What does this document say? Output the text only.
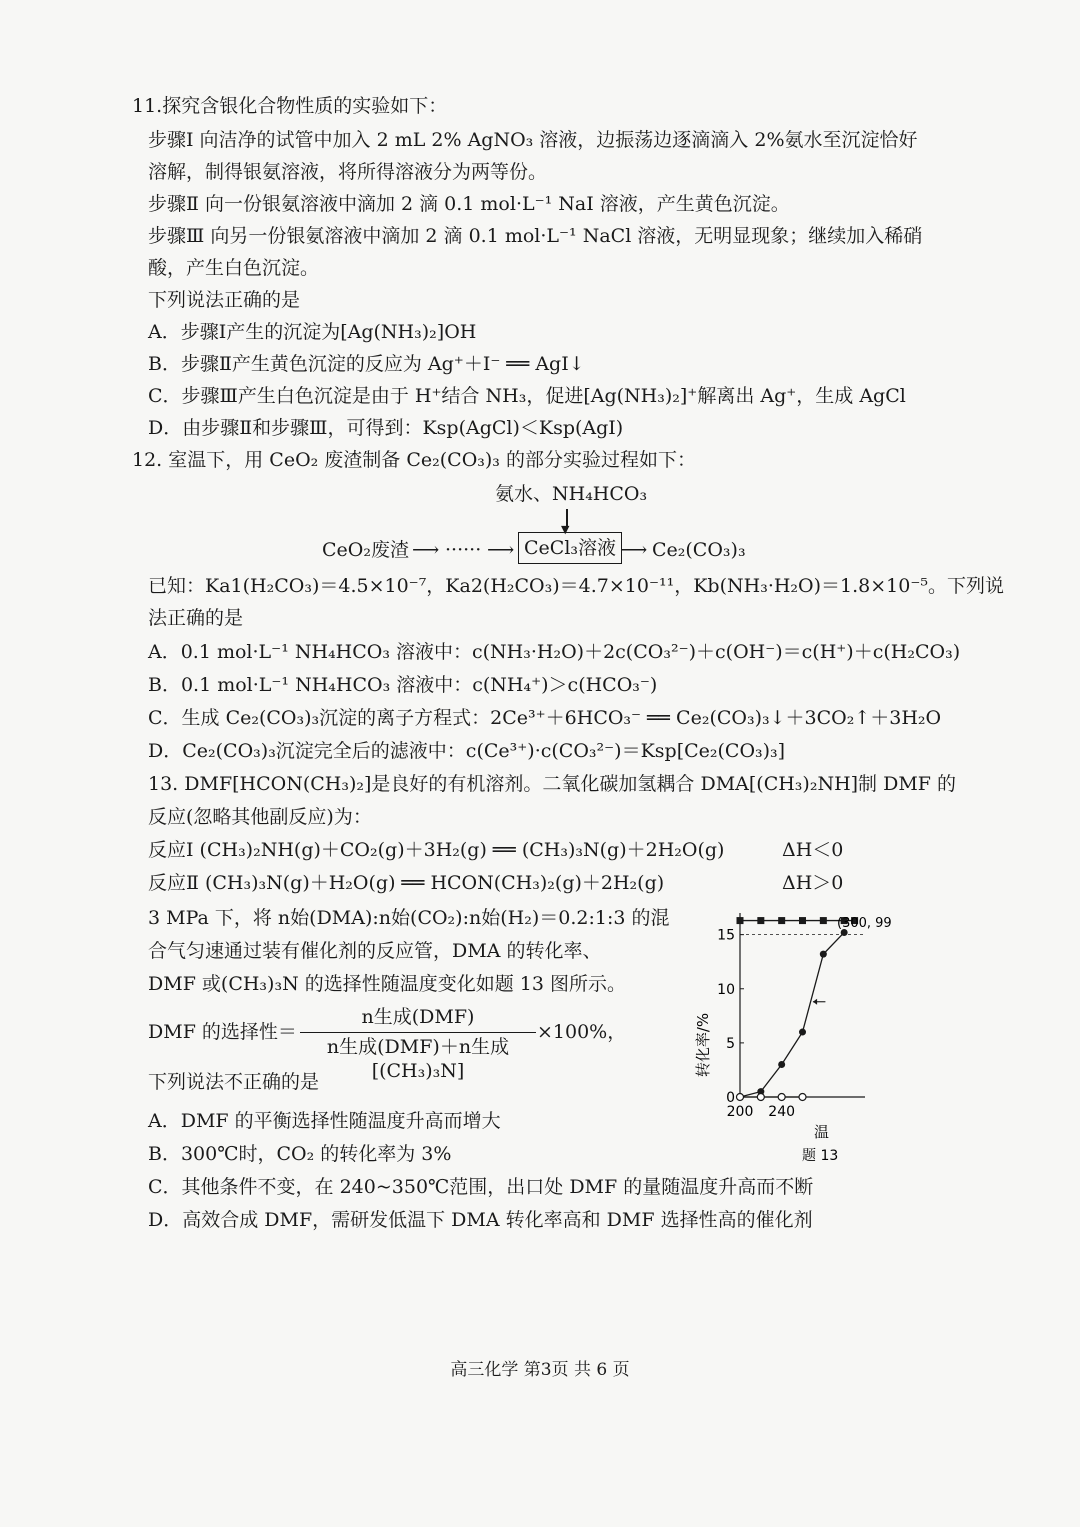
11.探究含银化合物性质的实验如下：
步骤Ⅰ 向洁净的试管中加入 2 mL 2% AgNO₃ 溶液，边振荡边逐滴滴入 2%氨水至沉淀恰好
溶解，制得银氨溶液，将所得溶液分为两等份。
步骤Ⅱ 向一份银氨溶液中滴加 2 滴 0.1 mol·L⁻¹ NaI 溶液，产生黄色沉淀。
步骤Ⅲ 向另一份银氨溶液中滴加 2 滴 0.1 mol·L⁻¹ NaCl 溶液，无明显现象；继续加入稀硝
酸，产生白色沉淀。
下列说法正确的是
A．步骤Ⅰ产生的沉淀为[Ag(NH₃)₂]OH
B．步骤Ⅱ产生黄色沉淀的反应为 Ag⁺＋I⁻ ══ AgI↓
C．步骤Ⅲ产生白色沉淀是由于 H⁺结合 NH₃，促进[Ag(NH₃)₂]⁺解离出 Ag⁺，生成 AgCl
D．由步骤Ⅱ和步骤Ⅲ，可得到：Ksp(AgCl)＜Ksp(AgI)
12. 室温下，用 CeO₂ 废渣制备 Ce₂(CO₃)₃ 的部分实验过程如下：
氨水、NH₄HCO₃
▼
CeO₂废渣 ⟶ ······ ⟶ CeCl₃溶液 ⟶ Ce₂(CO₃)₃
已知：Ka1(H₂CO₃)＝4.5×10⁻⁷，Ka2(H₂CO₃)＝4.7×10⁻¹¹，Kb(NH₃·H₂O)＝1.8×10⁻⁵。下列说
法正确的是
A．0.1 mol·L⁻¹ NH₄HCO₃ 溶液中：c(NH₃·H₂O)＋2c(CO₃²⁻)＋c(OH⁻)＝c(H⁺)＋c(H₂CO₃)
B．0.1 mol·L⁻¹ NH₄HCO₃ 溶液中：c(NH₄⁺)＞c(HCO₃⁻)
C．生成 Ce₂(CO₃)₃沉淀的离子方程式：2Ce³⁺＋6HCO₃⁻ ══ Ce₂(CO₃)₃↓＋3CO₂↑＋3H₂O
D．Ce₂(CO₃)₃沉淀完全后的滤液中：c(Ce³⁺)·c(CO₃²⁻)＝Ksp[Ce₂(CO₃)₃]
13. DMF[HCON(CH₃)₂]是良好的有机溶剂。二氧化碳加氢耦合 DMA[(CH₃)₂NH]制 DMF 的
反应(忽略其他副反应)为：
反应Ⅰ (CH₃)₂NH(g)＋CO₂(g)＋3H₂(g) ══ (CH₃)₃N(g)＋2H₂O(g)	ΔH＜0
反应Ⅱ (CH₃)₃N(g)＋H₂O(g) ══ HCON(CH₃)₂(g)＋2H₂(g)	ΔH＞0
3 MPa 下，将 n始(DMA):n始(CO₂):n始(H₂)＝0.2:1:3 的混
合气匀速通过装有催化剂的反应管，DMA 的转化率、
DMF 或(CH₃)₃N 的选择性随温度变化如题 13 图所示。
DMF 的选择性＝
n生成(DMF)
n生成(DMF)＋n生成[(CH₃)₃N]
×100%，
下列说法不正确的是
A．DMF 的平衡选择性随温度升高而增大
B．300℃时，CO₂ 的转化率为 3%
C．其他条件不变，在 240~350℃范围，出口处 DMF 的量随温度升高而不断
D．高效合成 DMF，需研发低温下 DMA 转化率高和 DMF 选择性高的催化剂
0
5
10
15
200 240
转化率/%
(300, 99
温
题 13
高三化学 第3页 共 6 页
